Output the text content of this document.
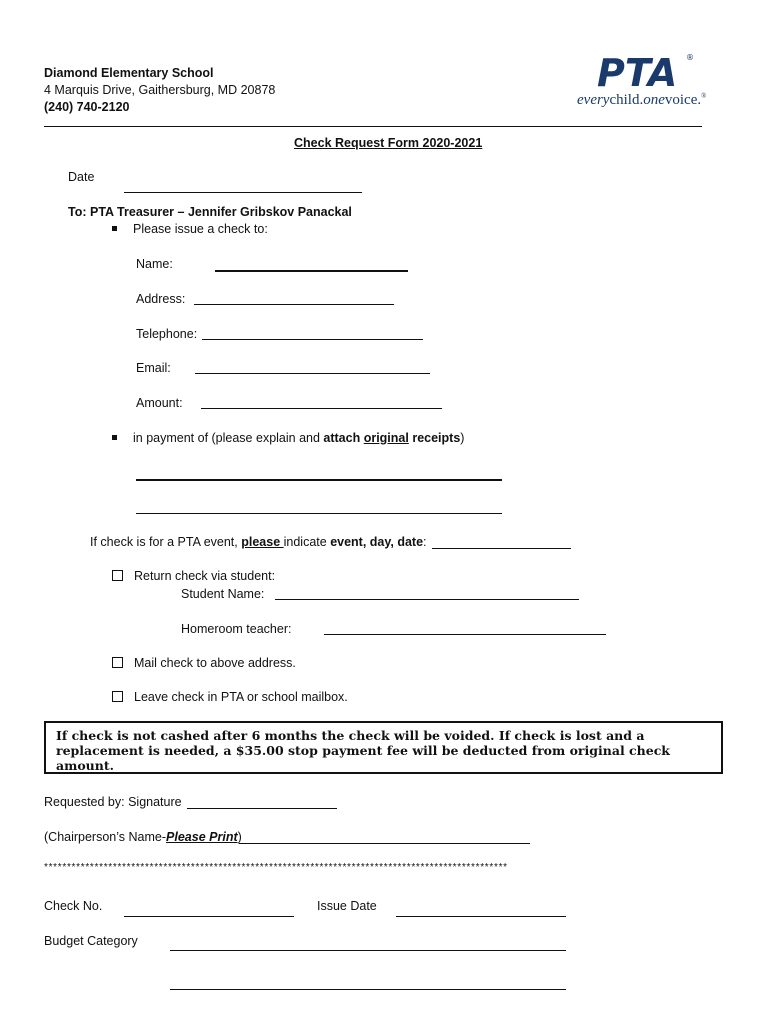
Diamond Elementary School
4 Marquis Drive, Gaithersburg, MD 20878
(240) 740-2120
PTA ®
everychild.onevoice.®
Check Request Form 2020-2021
Date
To: PTA Treasurer – Jennifer Gribskov Panackal
Please issue a check to:
Name:
Address:
Telephone:
Email:
Amount:
in payment of (please explain and attach original receipts)
If check is for a PTA event, please indicate event, day, date:
Return check via student:
Student Name:
Homeroom teacher:
Mail check to above address.
Leave check in PTA or school mailbox.
If check is not cashed after 6 months the check will be voided. If check is lost and a replacement is needed, a $35.00 stop payment fee will be deducted from original check amount.
Requested by: Signature
(Chairperson’s Name-Please Print)
*****************************************************************************************************
Check No.	Issue Date
Budget Category
